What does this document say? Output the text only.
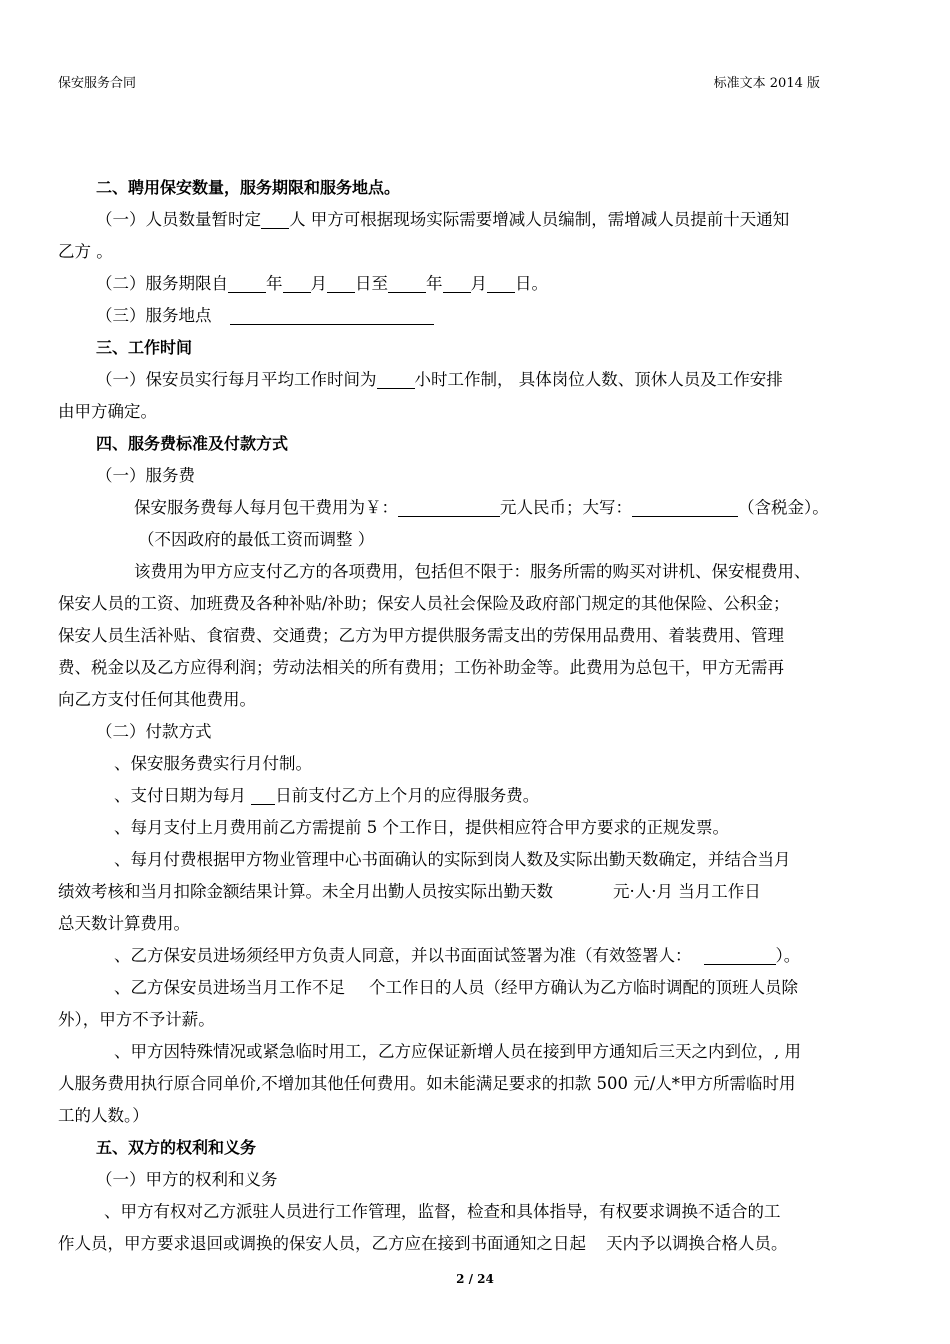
保安服务合同	标准文本 2014 版
二、聘用保安数量，服务期限和服务地点。
（一）人员数量暂时定 人 甲方可根据现场实际需要增减人员编制，需增减人员提前十天通知
乙方 。
（二）服务期限自 年 月 日至 年 月 日。
（三）服务地点
三、工作时间
（一）保安员实行每月平均工作时间为 小时工作制， 具体岗位人数、顶休人员及工作安排
由甲方确定。
四、服务费标准及付款方式
（一）服务费
保安服务费每人每月包干费用为￥：	元人民币；大写：	（含税金）。
（不因政府的最低工资而调整 ）
该费用为甲方应支付乙方的各项费用，包括但不限于：服务所需的购买对讲机、保安棍费用、
保安人员的工资、加班费及各种补贴/补助；保安人员社会保险及政府部门规定的其他保险、公积金；
保安人员生活补贴、食宿费、交通费；乙方为甲方提供服务需支出的劳保用品费用、着装费用、管理
费、税金以及乙方应得利润；劳动法相关的所有费用；工伤补助金等。此费用为总包干，甲方无需再
向乙方支付任何其他费用。
（二）付款方式
、保安服务费实行月付制。
、支付日期为每月 日前支付乙方上个月的应得服务费。
、每月支付上月费用前乙方需提前 5 个工作日，提供相应符合甲方要求的正规发票。
、每月付费根据甲方物业管理中心书面确认的实际到岗人数及实际出勤天数确定，并结合当月
绩效考核和当月扣除金额结果计算。未全月出勤人员按实际出勤天数	元·人·月 当月工作日
总天数计算费用。
、乙方保安员进场须经甲方负责人同意，并以书面面试签署为准（有效签署人：	）。
、乙方保安员进场当月工作不足 个工作日的人员（经甲方确认为乙方临时调配的顶班人员除
外），甲方不予计薪。
、甲方因特殊情况或紧急临时用工，乙方应保证新增人员在接到甲方通知后三天之内到位，, 用
人服务费用执行原合同单价,不增加其他任何费用。如未能满足要求的扣款 500 元/人*甲方所需临时用
工的人数。）
五、双方的权利和义务
（一）甲方的权利和义务
、甲方有权对乙方派驻人员进行工作管理，监督，检查和具体指导，有权要求调换不适合的工
作人员，甲方要求退回或调换的保安人员，乙方应在接到书面通知之日起 天内予以调换合格人员。
2 / 24
